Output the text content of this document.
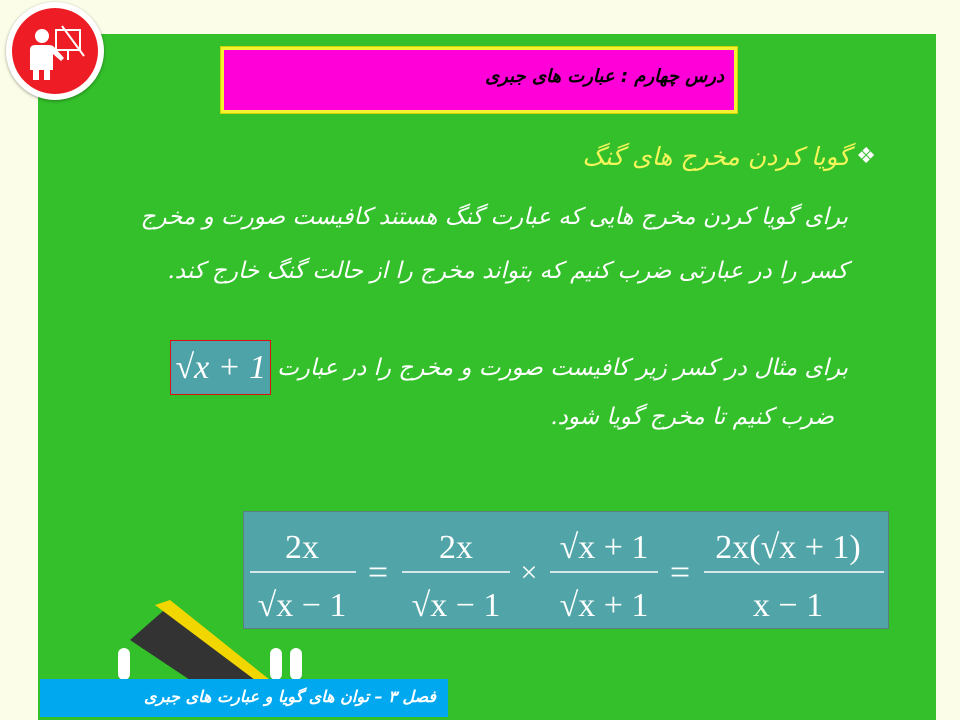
درس چهارم : عبارت های جبری
❖
گویا کردن مخرج های گنگ

برای گویا کردن مخرج هایی که عبارت گنگ هستند کافیست صورت و مخرج کسر را در عبارتی ضرب کنیم که بتواند مخرج را از حالت گنگ خارج کند.

برای مثال در کسر زیر کافیست صورت و مخرج را در عبارت
√x + 1
ضرب کنیم تا مخرج گویا شود.
2x
√x − 1
=
2x
√x − 1
×
√x + 1
√x + 1
=
2x(√x + 1)
x − 1
فصل ۳ – توان های گویا و عبارت های جبری
